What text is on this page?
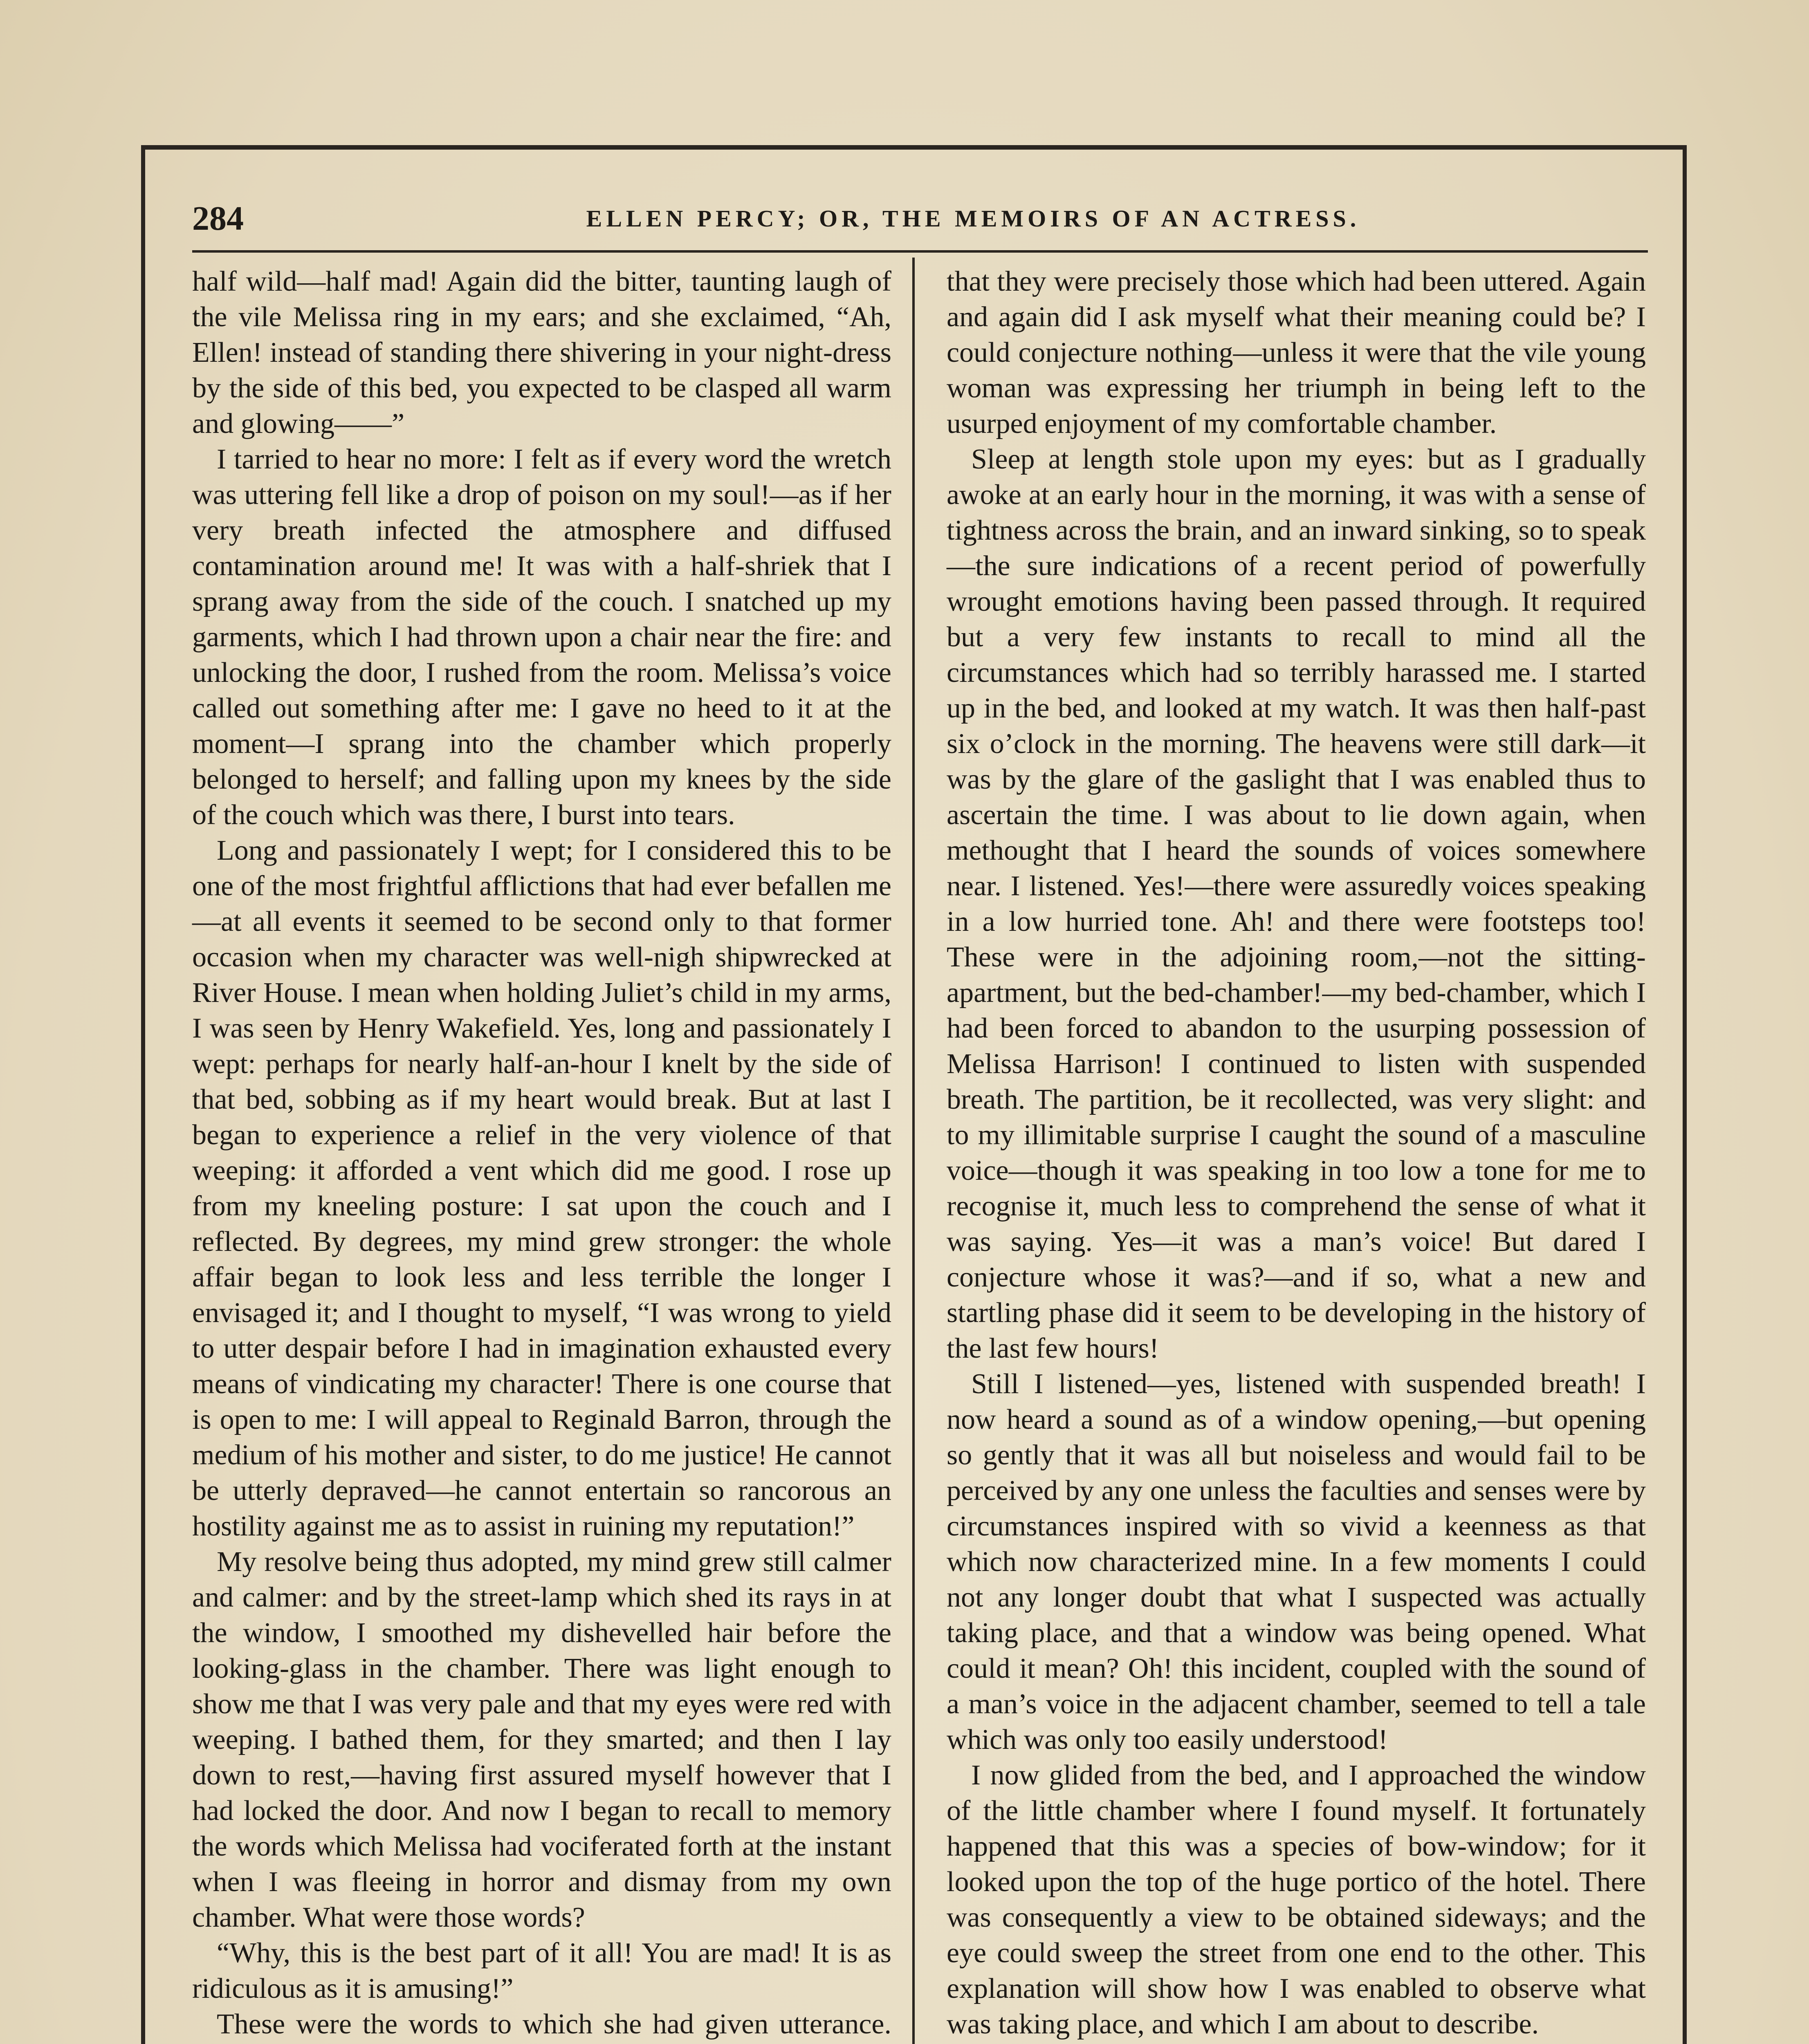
284	ELLEN PERCY; OR, THE MEMOIRS OF AN ACTRESS.

half wild—half mad! Again did the bitter, taunting laugh of the vile Melissa ring in my ears; and she exclaimed, “Ah, Ellen! instead of standing there shivering in your night-dress by the side of this bed, you expected to be clasped all warm and glowing——”

I tarried to hear no more: I felt as if every word the wretch was uttering fell like a drop of poison on my soul!—as if her very breath infected the atmosphere and diffused contamination around me! It was with a half-shriek that I sprang away from the side of the couch. I snatched up my garments, which I had thrown upon a chair near the fire: and unlocking the door, I rushed from the room. Melissa’s voice called out something after me: I gave no heed to it at the moment—I sprang into the chamber which properly belonged to herself; and falling upon my knees by the side of the couch which was there, I burst into tears.

Long and passionately I wept; for I considered this to be one of the most frightful afflictions that had ever befallen me—at all events it seemed to be second only to that former occasion when my character was well-nigh shipwrecked at River House. I mean when holding Juliet’s child in my arms, I was seen by Henry Wakefield. Yes, long and passionately I wept: perhaps for nearly half-an-hour I knelt by the side of that bed, sobbing as if my heart would break. But at last I began to experience a relief in the very violence of that weeping: it afforded a vent which did me good. I rose up from my kneeling posture: I sat upon the couch and I reflected. By degrees, my mind grew stronger: the whole affair began to look less and less terrible the longer I envisaged it; and I thought to myself, “I was wrong to yield to utter despair before I had in imagination exhausted every means of vindicating my character! There is one course that is open to me: I will appeal to Reginald Barron, through the medium of his mother and sister, to do me justice! He cannot be utterly depraved—he cannot entertain so rancorous an hostility against me as to assist in ruining my reputation!”

My resolve being thus adopted, my mind grew still calmer and calmer: and by the street-lamp which shed its rays in at the window, I smoothed my dishevelled hair before the looking-glass in the chamber. There was light enough to show me that I was very pale and that my eyes were red with weeping. I bathed them, for they smarted; and then I lay down to rest,—having first assured myself however that I had locked the door. And now I began to recall to memory the words which Melissa had vociferated forth at the instant when I was fleeing in horror and dismay from my own chamber. What were those words?

“Why, this is the best part of it all! You are mad! It is as ridiculous as it is amusing!”

These were the words to which she had given utterance.

that they were precisely those which had been uttered. Again and again did I ask myself what their meaning could be? I could conjecture nothing—unless it were that the vile young woman was expressing her triumph in being left to the usurped enjoyment of my comfortable chamber.

Sleep at length stole upon my eyes: but as I gradually awoke at an early hour in the morning, it was with a sense of tightness across the brain, and an inward sinking, so to speak—the sure indications of a recent period of powerfully wrought emotions having been passed through. It required but a very few instants to recall to mind all the circumstances which had so terribly harassed me. I started up in the bed, and looked at my watch. It was then half-past six o’clock in the morning. The heavens were still dark—it was by the glare of the gaslight that I was enabled thus to ascertain the time. I was about to lie down again, when methought that I heard the sounds of voices somewhere near. I listened. Yes!—there were assuredly voices speaking in a low hurried tone. Ah! and there were footsteps too! These were in the adjoining room,—not the sitting-apartment, but the bed-chamber!—my bed-chamber, which I had been forced to abandon to the usurping possession of Melissa Harrison! I continued to listen with suspended breath. The partition, be it recollected, was very slight: and to my illimitable surprise I caught the sound of a masculine voice—though it was speaking in too low a tone for me to recognise it, much less to comprehend the sense of what it was saying. Yes—it was a man’s voice! But dared I conjecture whose it was?—and if so, what a new and startling phase did it seem to be developing in the history of the last few hours!

Still I listened—yes, listened with suspended breath! I now heard a sound as of a window opening,—but opening so gently that it was all but noiseless and would fail to be perceived by any one unless the faculties and senses were by circumstances inspired with so vivid a keenness as that which now characterized mine. In a few moments I could not any longer doubt that what I suspected was actually taking place, and that a window was being opened. What could it mean? Oh! this incident, coupled with the sound of a man’s voice in the adjacent chamber, seemed to tell a tale which was only too easily understood!

I now glided from the bed, and I approached the window of the little chamber where I found myself. It fortunately happened that this was a species of bow-window; for it looked upon the top of the huge portico of the hotel. There was consequently a view to be obtained sideways; and the eye could sweep the street from one end to the other. This explanation will show how I was enabled to observe what was taking place, and which I am about to describe.
